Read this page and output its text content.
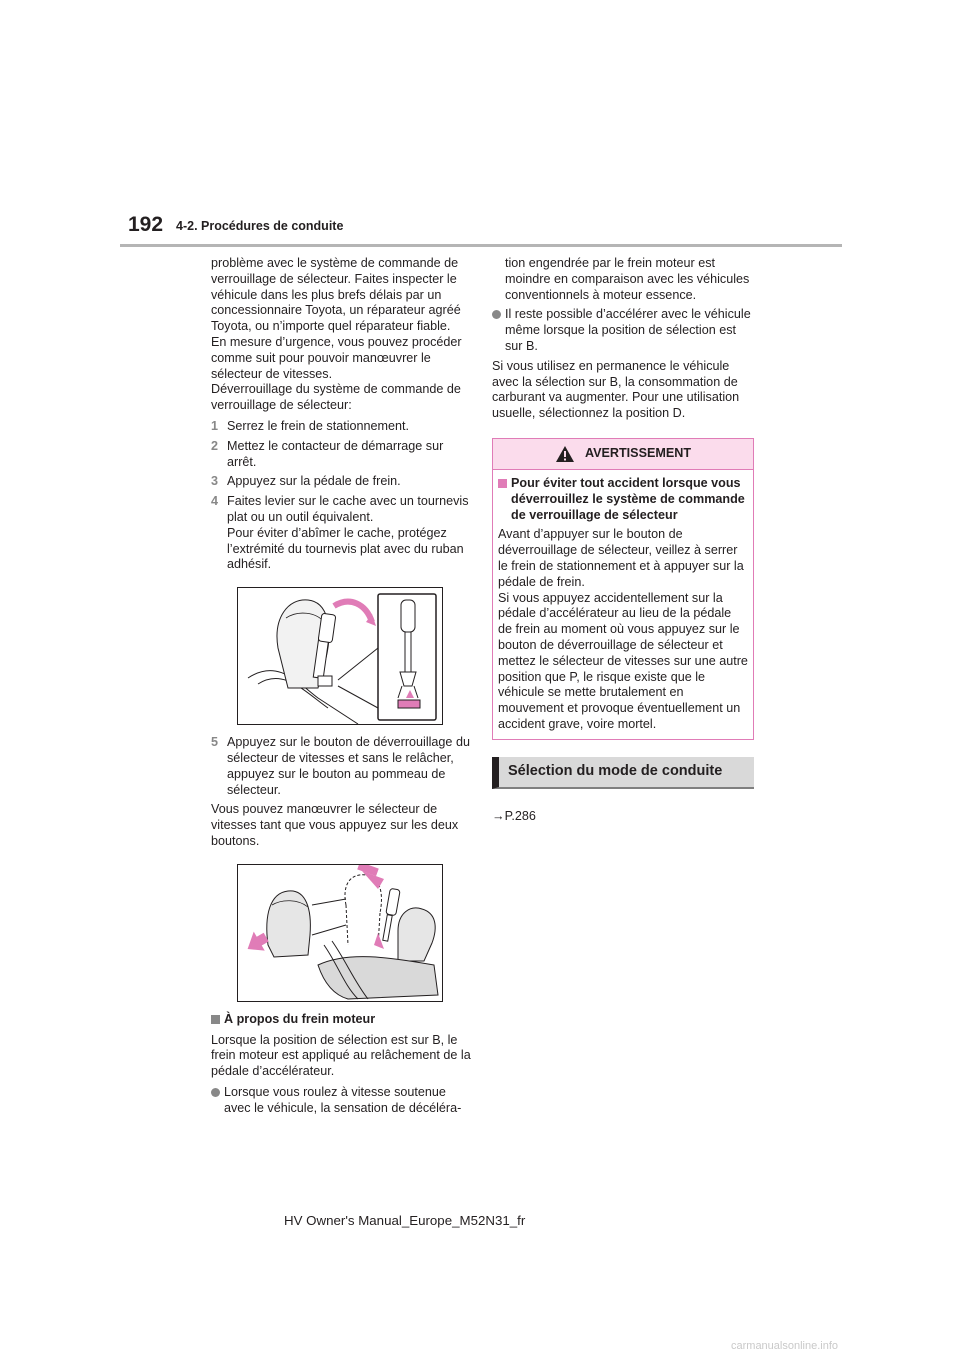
192 4-2. Procédures de conduite

problème avec le système de commande de verrouillage de sélecteur. Faites inspecter le véhicule dans les plus brefs délais par un concessionnaire Toyota, un réparateur agréé Toyota, ou n’importe quel réparateur fiable.

En mesure d’urgence, vous pouvez procéder comme suit pour pouvoir manœuvrer le sélecteur de vitesses.

Déverrouillage du système de commande de verrouillage de sélecteur:

1 Serrez le frein de stationnement.
2 Mettez le contacteur de démarrage sur arrêt.
3 Appuyez sur la pédale de frein.
4 Faites levier sur le cache avec un tournevis plat ou un outil équivalent.
Pour éviter d’abîmer le cache, protégez l’extrémité du tournevis plat avec du ruban adhésif.
5 Appuyez sur le bouton de déverrouillage du sélecteur de vitesses et sans le relâcher, appuyez sur le bouton au pommeau de sélecteur.

Vous pouvez manœuvrer le sélecteur de vitesses tant que vous appuyez sur les deux boutons.

À propos du frein moteur

Lorsque la position de sélection est sur B, le frein moteur est appliqué au relâchement de la pédale d’accélérateur.

Lorsque vous roulez à vitesse soutenue avec le véhicule, la sensation de décéléra-
tion engendrée par le frein moteur est moindre en comparaison avec les véhicules conventionnels à moteur essence.
Il reste possible d’accélérer avec le véhicule même lorsque la position de sélection est sur B.

Si vous utilisez en permanence le véhicule avec la sélection sur B, la consommation de carburant va augmenter. Pour une utilisation usuelle, sélectionnez la position D.

AVERTISSEMENT
Pour éviter tout accident lorsque vous déverrouillez le système de commande de verrouillage de sélecteur

Avant d’appuyer sur le bouton de déverrouillage de sélecteur, veillez à serrer le frein de stationnement et à appuyer sur la pédale de frein.

Si vous appuyez accidentellement sur la pédale d’accélérateur au lieu de la pédale de frein au moment où vous appuyez sur le bouton de déverrouillage de sélecteur et mettez le sélecteur de vitesses sur une autre position que P, le risque existe que le véhicule se mette brutalement en mouvement et provoque éventuellement un accident grave, voire mortel.

Sélection du mode de conduite

→P.286

HV Owner's Manual_Europe_M52N31_fr
carmanualsonline.info
